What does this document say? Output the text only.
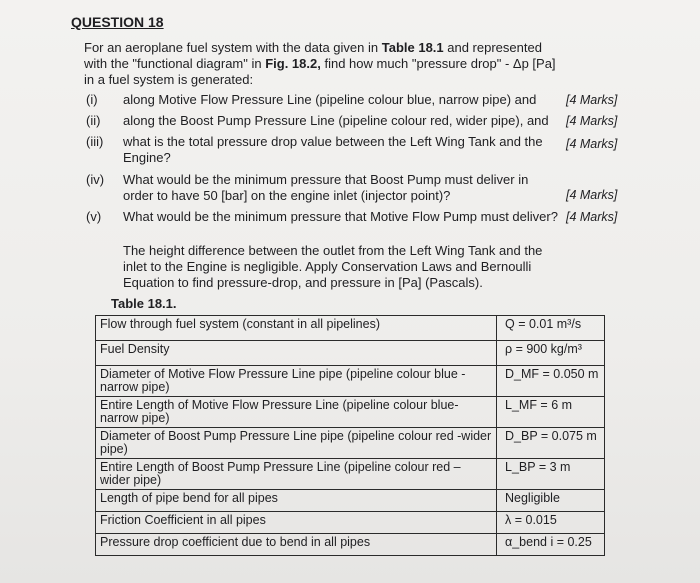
QUESTION 18
For an aeroplane fuel system with the data given in Table 18.1 and represented with the "functional diagram" in Fig. 18.2, find how much "pressure drop" - Δp [Pa] in a fuel system is generated:
(i) along Motive Flow Pressure Line (pipeline colour blue, narrow pipe) and	[4 Marks]
(ii) along the Boost Pump Pressure Line (pipeline colour red, wider pipe), and	[4 Marks]
(iii) what is the total pressure drop value between the Left Wing Tank and the Engine?
[4 Marks]
(iv) What would be the minimum pressure that Boost Pump must deliver in order to have 50 [bar] on the engine inlet (injector point)?	[4 Marks]
(v) What would be the minimum pressure that Motive Flow Pump must deliver? [4 Marks]
The height difference between the outlet from the Left Wing Tank and the inlet to the Engine is negligible. Apply Conservation Laws and Bernoulli Equation to find pressure-drop, and pressure in [Pa] (Pascals).
Table 18.1.
Flow through fuel system (constant in all pipelines)	Q = 0.01 m³/s
Fuel Density	ρ = 900 kg/m³
Diameter of Motive Flow Pressure Line pipe (pipeline colour blue - narrow pipe)	D_MF = 0.050 m
Entire Length of Motive Flow Pressure Line (pipeline colour blue- narrow pipe)	L_MF = 6 m
Diameter of Boost Pump Pressure Line pipe (pipeline colour red -wider pipe)	D_BP = 0.075 m
Entire Length of Boost Pump Pressure Line (pipeline colour red – wider pipe)	L_BP = 3 m
Length of pipe bend for all pipes	Negligible
Friction Coefficient in all pipes	λ = 0.015
Pressure drop coefficient due to bend in all pipes	α_bend i = 0.25
